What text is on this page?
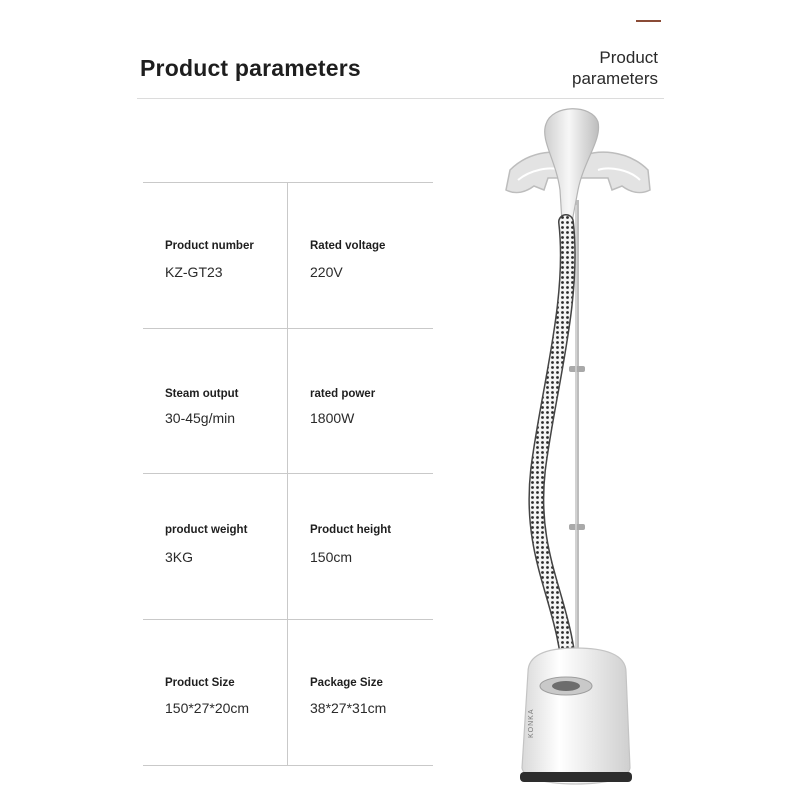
Product parameters	Product
parameters
Product number
KZ-GT23
Rated voltage
220V
Steam output
30-45g/min
rated power
1800W
product weight
3KG
Product height
150cm
Product Size
150*27*20cm
Package Size
38*27*31cm
KONKA
